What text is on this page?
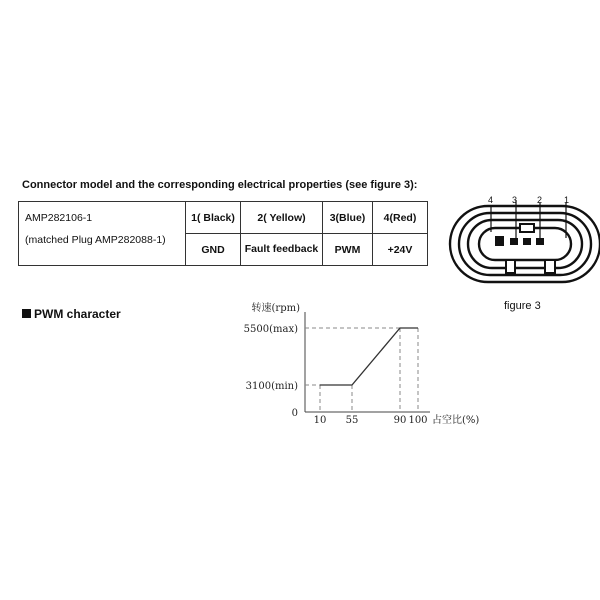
Connector model and the corresponding electrical properties (see figure 3):
AMP282106-1
(matched Plug AMP282088-1)	1( Black)	2( Yellow)	3(Blue)	4(Red)
	GND	Fault feedback	PWM	+24V
4 3 2 1
figure 3
PWM character	转速(rpm)
占空比(%)
5500(max)
3100(min)
0
10 55	90 100
